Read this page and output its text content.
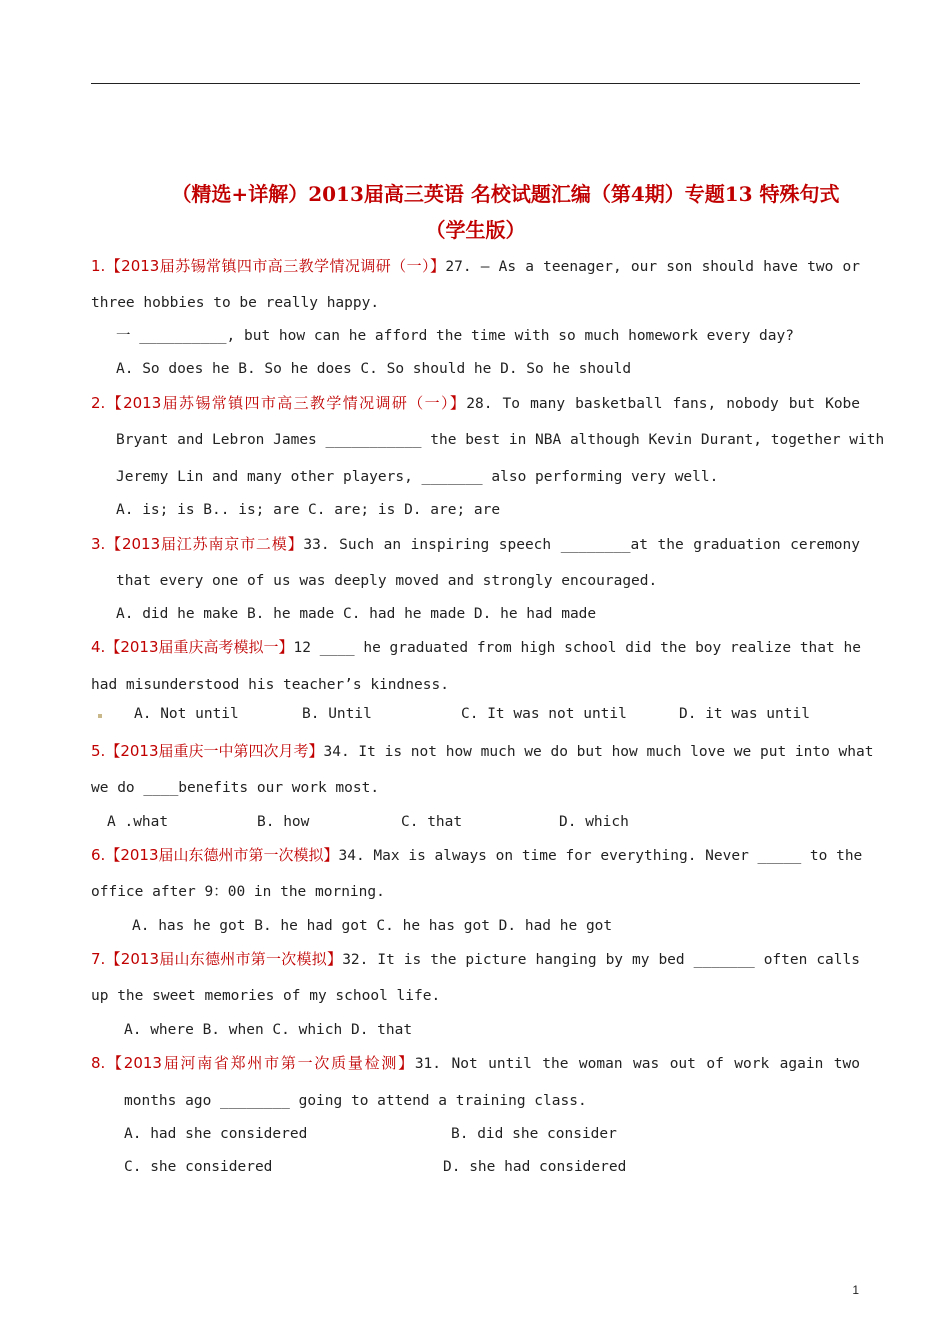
（精选+详解）2013届高三英语 名校试题汇编（第4期）专题13 特殊句式
（学生版）
1.【2013届苏锡常镇四市高三教学情况调研（一）】27. — As a teenager, our son should have two or
three hobbies to be really happy.
一 __________, but how can he afford the time with so much homework every day?
A. So does he B. So he does C. So should he D. So he should
2.【2013届苏锡常镇四市高三教学情况调研（一）】28. To many basketball fans, nobody but Kobe
Bryant and Lebron James ___________ the best in NBA although Kevin Durant, together with
Jeremy Lin and many other players, _______ also performing very well.
A. is; is B.. is; are C. are; is D. are; are
3.【2013届江苏南京市二模】33. Such an inspiring speech ________at the graduation ceremony
that every one of us was deeply moved and strongly encouraged.
A. did he make B. he made C. had he made D. he had made
4.【2013届重庆高考模拟一】12 ____ he graduated from high school did the boy realize that he
had misunderstood his teacher’s kindness.
A. Not until	B. Until	C. It was not until	D. it was until
5.【2013届重庆一中第四次月考】34. It is not how much we do but how much love we put into what
we do ____benefits our work most.
A .what	B. how	C. that	D. which
6.【2013届山东德州市第一次模拟】34. Max is always on time for everything. Never _____ to the
office after 9：00 in the morning.
A. has he got B. he had got C. he has got D. had he got
7.【2013届山东德州市第一次模拟】32. It is the picture hanging by my bed _______ often calls
up the sweet memories of my school life.
A. where B. when C. which D. that
8.【2013届河南省郑州市第一次质量检测】31. Not until the woman was out of work again two
months ago ________ going to attend a training class.
A. had she considered	B. did she consider
C. she considered	D. she had considered
1
